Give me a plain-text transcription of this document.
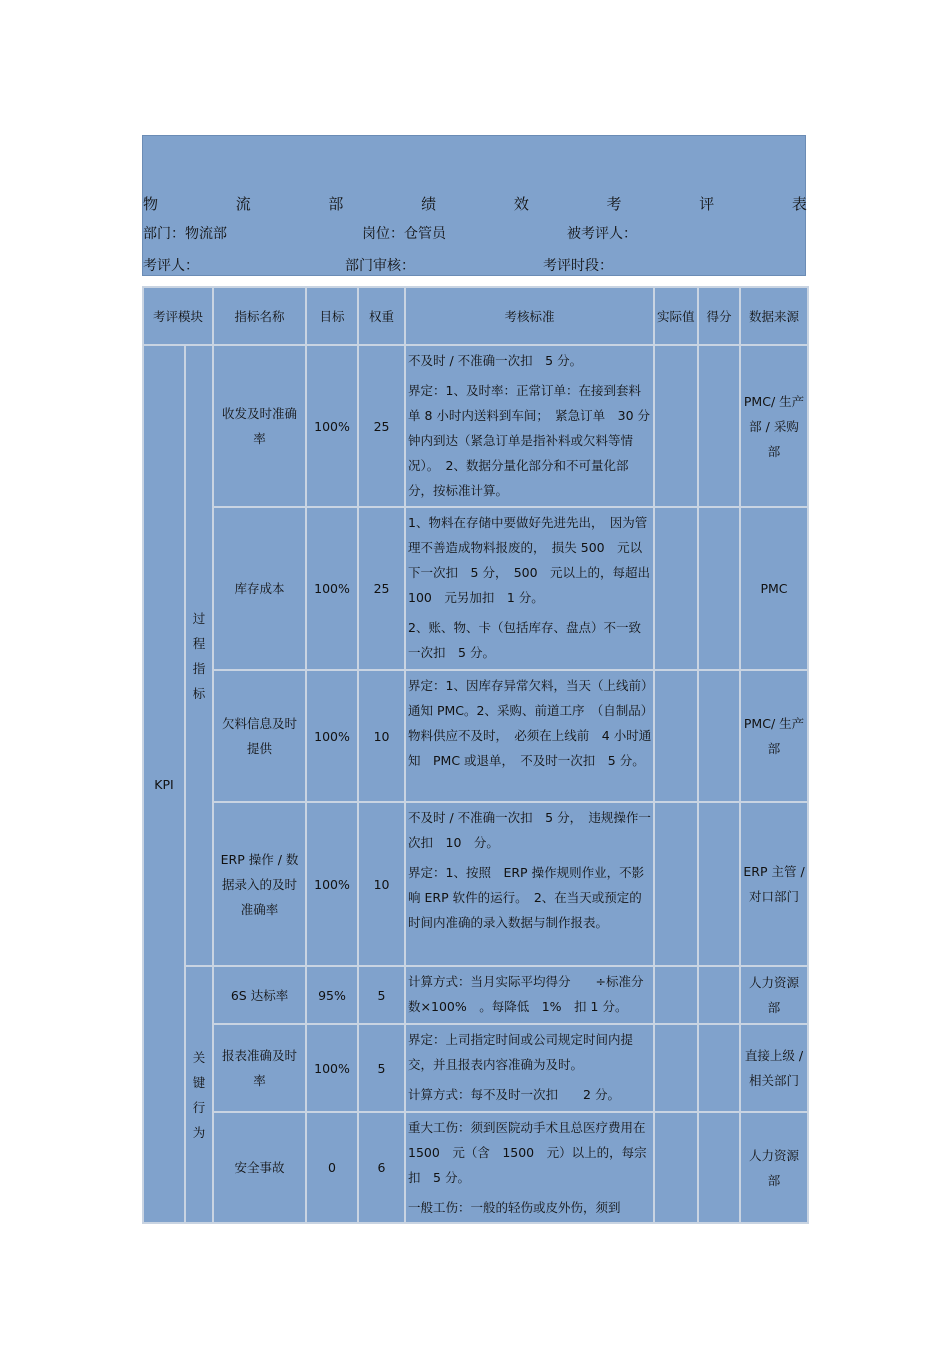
物	流	部	绩	效	考	评	表
部门：物流部	岗位：仓管员	被考评人：
考评人：	部门审核：	考评时段：
考评模块		指标名称	目标	权重	考核标准	实际值	得分	数据来源
KPI	过程指标	收发及时准确率	100%	25	不及时 / 不准确一次扣　5 分。
界定：1、及时率：正常订单：在接到套料单 8 小时内送料到车间；　紧急订单　30 分钟内到达（紧急订单是指补料或欠料等情况）。　2、数据分量化部分和不可量化部分，按标准计算。			PMC/ 生产部 / 采购部
		库存成本	100%	25	1、物料在存储中要做好先进先出，　因为管理不善造成物料报废的，　损失 500　元以下一次扣　5 分，　500　元以上的，每超出 100　元另加扣　1 分。
2、账、物、卡（包括库存、盘点）不一致一次扣　5 分。			PMC
		欠料信息及时提供	100%	10	界定：1、因库存异常欠料，当天（上线前）通知 PMC。2、采购、前道工序　（自制品）物料供应不及时，　必须在上线前　4 小时通知　PMC 或退单，　不及时一次扣　5 分。			PMC/ 生产部
		ERP 操作 / 数据录入的及时准确率	100%	10	不及时 / 不准确一次扣　5 分，　违规操作一次扣　10　分。
界定：1、按照　ERP 操作规则作业，不影响 ERP 软件的运行。　2、在当天或预定的时间内准确的录入数据与制作报表。			ERP 主管 / 对口部门
	关键行为	6S 达标率	95%	5	计算方式：当月实际平均得分　　÷标准分数×100%　。每降低　1%　扣 1 分。			人力资源部
		报表准确及时率	100%	5	界定：上司指定时间或公司规定时间内提交，并且报表内容准确为及时。
计算方式：每不及时一次扣　　2 分。			直接上级 / 相关部门
		安全事故	0	6	重大工伤：须到医院动手术且总医疗费用在 1500　元（含　1500　元）以上的，每宗扣　5 分。
一般工伤：一般的轻伤或皮外伤，须到			人力资源部
